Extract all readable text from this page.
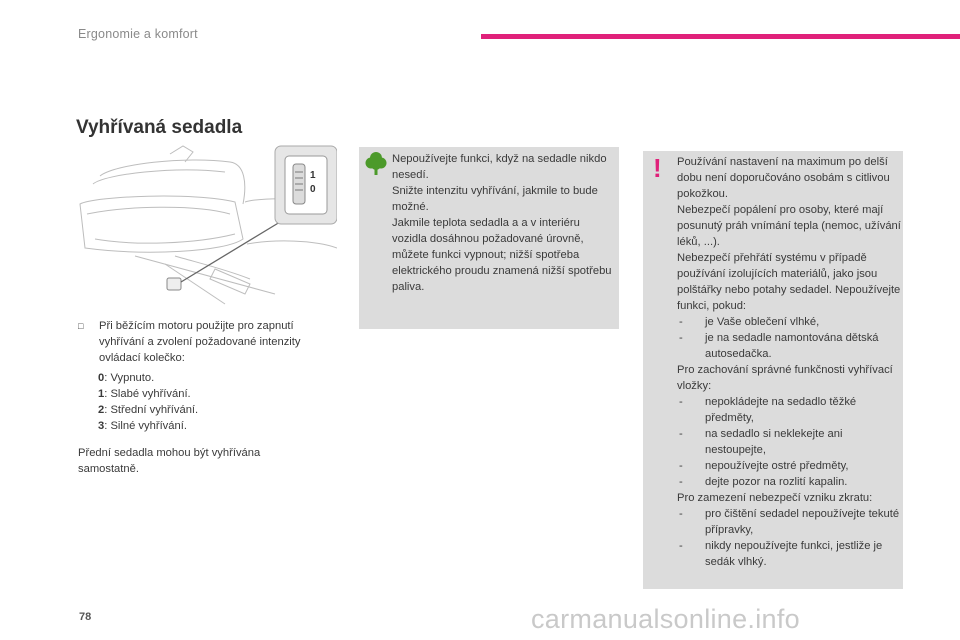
Ergonomie a komfort
Vyhřívaná sedadla
1
0
□	Při běžícím motoru použijte pro zapnutí vyhřívání a zvolení požadované intenzity ovládací kolečko:

0: Vypnuto.
1: Slabé vyhřívání.
2: Střední vyhřívání.
3: Silné vyhřívání.

Přední sedadla mohou být vyhřívána samostatně.

Nepoužívejte funkci, když na sedadle nikdo nesedí.

Snižte intenzitu vyhřívání, jakmile to bude možné.

Jakmile teplota sedadla a a v interiéru vozidla dosáhnou požadované úrovně, můžete funkci vypnout; nižší spotřeba elektrického proudu znamená nižší spotřebu paliva.

! Používání nastavení na maximum po delší dobu není doporučováno osobám s citlivou pokožkou.

Nebezpečí popálení pro osoby, které mají posunutý práh vnímání tepla (nemoc, užívání léků, ...).

Nebezpečí přehřátí systému v případě používání izolujících materiálů, jako jsou polštářky nebo potahy sedadel. Nepoužívejte funkci, pokud:

-	je Vaše oblečení vlhké,
-	je na sedadle namontována dětská autosedačka.

Pro zachování správné funkčnosti vyhřívací vložky:

-	nepokládejte na sedadlo těžké předměty,
-	na sedadlo si neklekejte ani nestoupejte,
-	nepoužívejte ostré předměty,
-	dejte pozor na rozlití kapalin.

Pro zamezení nebezpečí vzniku zkratu:

-	pro čištění sedadel nepoužívejte tekuté přípravky,
-	nikdy nepoužívejte funkci, jestliže je sedák vlhký.
78	carmanualsonline.info
